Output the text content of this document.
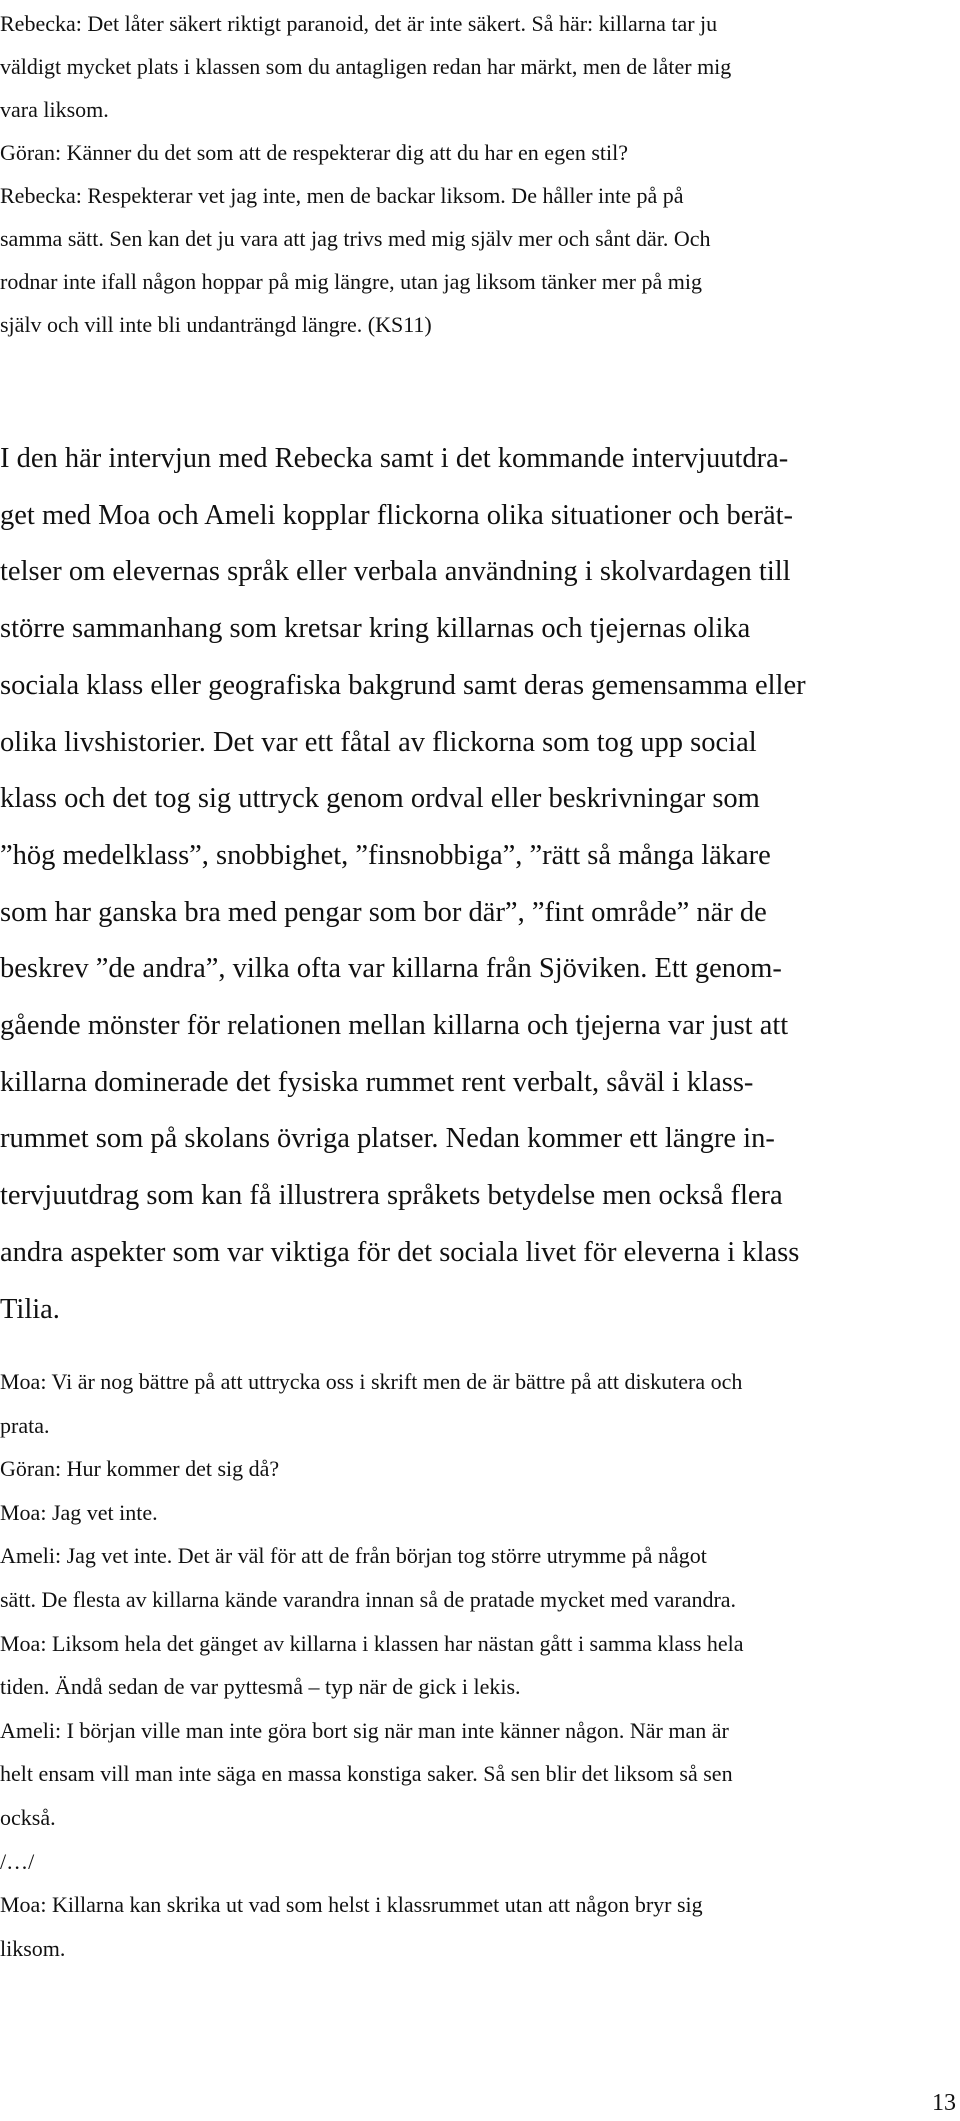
Rebecka: Det låter säkert riktigt paranoid, det är inte säkert. Så här: killarna tar ju

väldigt mycket plats i klassen som du antagligen redan har märkt, men de låter mig

vara liksom.

Göran: Känner du det som att de respekterar dig att du har en egen stil?

Rebecka: Respekterar vet jag inte, men de backar liksom. De håller inte på på

samma sätt. Sen kan det ju vara att jag trivs med mig själv mer och sånt där. Och

rodnar inte ifall någon hoppar på mig längre, utan jag liksom tänker mer på mig

själv och vill inte bli undanträngd längre. (KS11)

I den här intervjun med Rebecka samt i det kommande intervjuutdra-

get med Moa och Ameli kopplar flickorna olika situationer och berät-

telser om elevernas språk eller verbala användning i skolvardagen till

större sammanhang som kretsar kring killarnas och tjejernas olika

sociala klass eller geografiska bakgrund samt deras gemensamma eller

olika livshistorier. Det var ett fåtal av flickorna som tog upp social

klass och det tog sig uttryck genom ordval eller beskrivningar som

”hög medelklass”, snobbighet, ”finsnobbiga”, ”rätt så många läkare

som har ganska bra med pengar som bor där”, ”fint område” när de

beskrev ”de andra”, vilka ofta var killarna från Sjöviken. Ett genom-

gående mönster för relationen mellan killarna och tjejerna var just att

killarna dominerade det fysiska rummet rent verbalt, såväl i klass-

rummet som på skolans övriga platser. Nedan kommer ett längre in-

tervjuutdrag som kan få illustrera språkets betydelse men också flera

andra aspekter som var viktiga för det sociala livet för eleverna i klass

Tilia.

Moa: Vi är nog bättre på att uttrycka oss i skrift men de är bättre på att diskutera och

prata.

Göran: Hur kommer det sig då?

Moa: Jag vet inte.

Ameli: Jag vet inte. Det är väl för att de från början tog större utrymme på något

sätt. De flesta av killarna kände varandra innan så de pratade mycket med varandra.

Moa: Liksom hela det gänget av killarna i klassen har nästan gått i samma klass hela

tiden. Ändå sedan de var pyttesmå – typ när de gick i lekis.

Ameli: I början ville man inte göra bort sig när man inte känner någon. När man är

helt ensam vill man inte säga en massa konstiga saker. Så sen blir det liksom så sen

också.

/…/

Moa: Killarna kan skrika ut vad som helst i klassrummet utan att någon bryr sig

liksom.

13
